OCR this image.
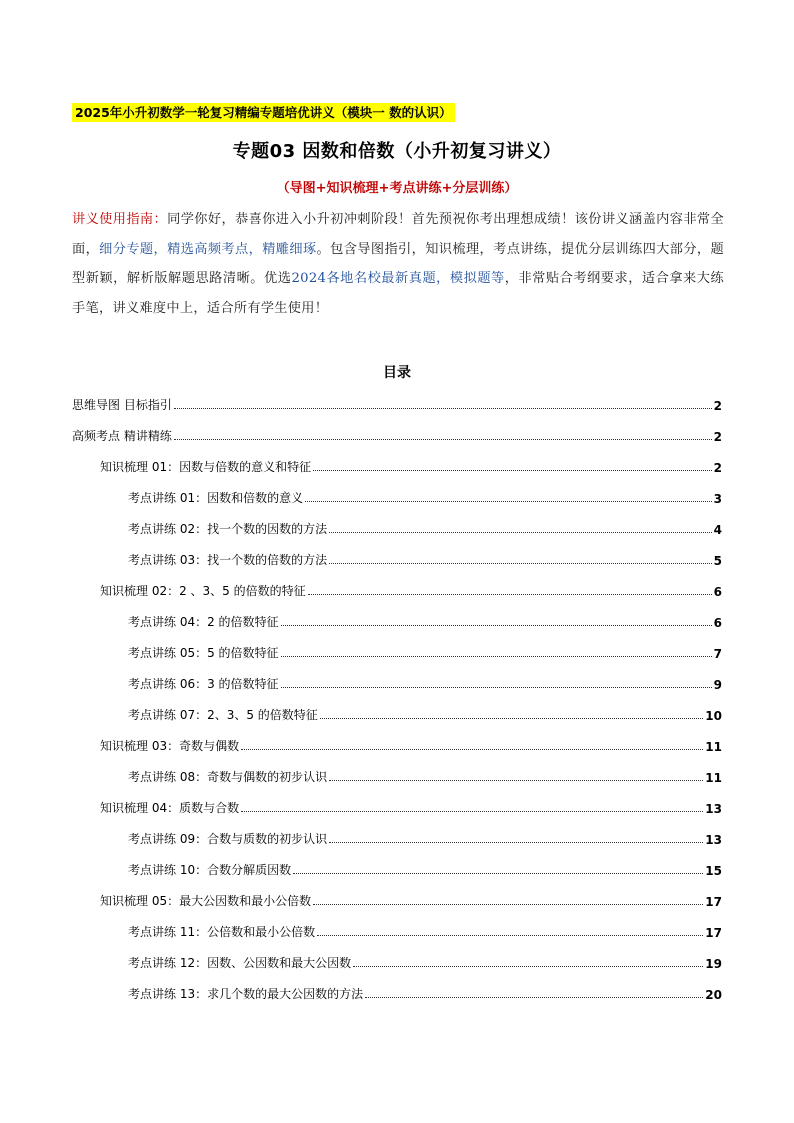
2025年小升初数学一轮复习精编专题培优讲义（模块一 数的认识）
专题03 因数和倍数（小升初复习讲义）
（导图+知识梳理+考点讲练+分层训练）
讲义使用指南：同学你好，恭喜你进入小升初冲刺阶段！首先预祝你考出理想成绩！该份讲义涵盖内容非常全面，细分专题，精选高频考点，精雕细琢。包含导图指引，知识梳理，考点讲练，提优分层训练四大部分，题型新颖，解析版解题思路清晰。优选2024各地名校最新真题，模拟题等，非常贴合考纲要求，适合拿来大练手笔，讲义难度中上，适合所有学生使用！
目录
思维导图 目标指引	2
高频考点 精讲精练	2
知识梳理 01：因数与倍数的意义和特征	2
考点讲练 01：因数和倍数的意义	3
考点讲练 02：找一个数的因数的方法	4
考点讲练 03：找一个数的倍数的方法	5
知识梳理 02：2 、3、5 的倍数的特征	6
考点讲练 04：2 的倍数特征	6
考点讲练 05：5 的倍数特征	7
考点讲练 06：3 的倍数特征	9
考点讲练 07：2、3、5 的倍数特征	10
知识梳理 03：奇数与偶数	11
考点讲练 08：奇数与偶数的初步认识	11
知识梳理 04：质数与合数	13
考点讲练 09：合数与质数的初步认识	13
考点讲练 10：合数分解质因数	15
知识梳理 05：最大公因数和最小公倍数	17
考点讲练 11：公倍数和最小公倍数	17
考点讲练 12：因数、公因数和最大公因数	19
考点讲练 13：求几个数的最大公因数的方法	20
